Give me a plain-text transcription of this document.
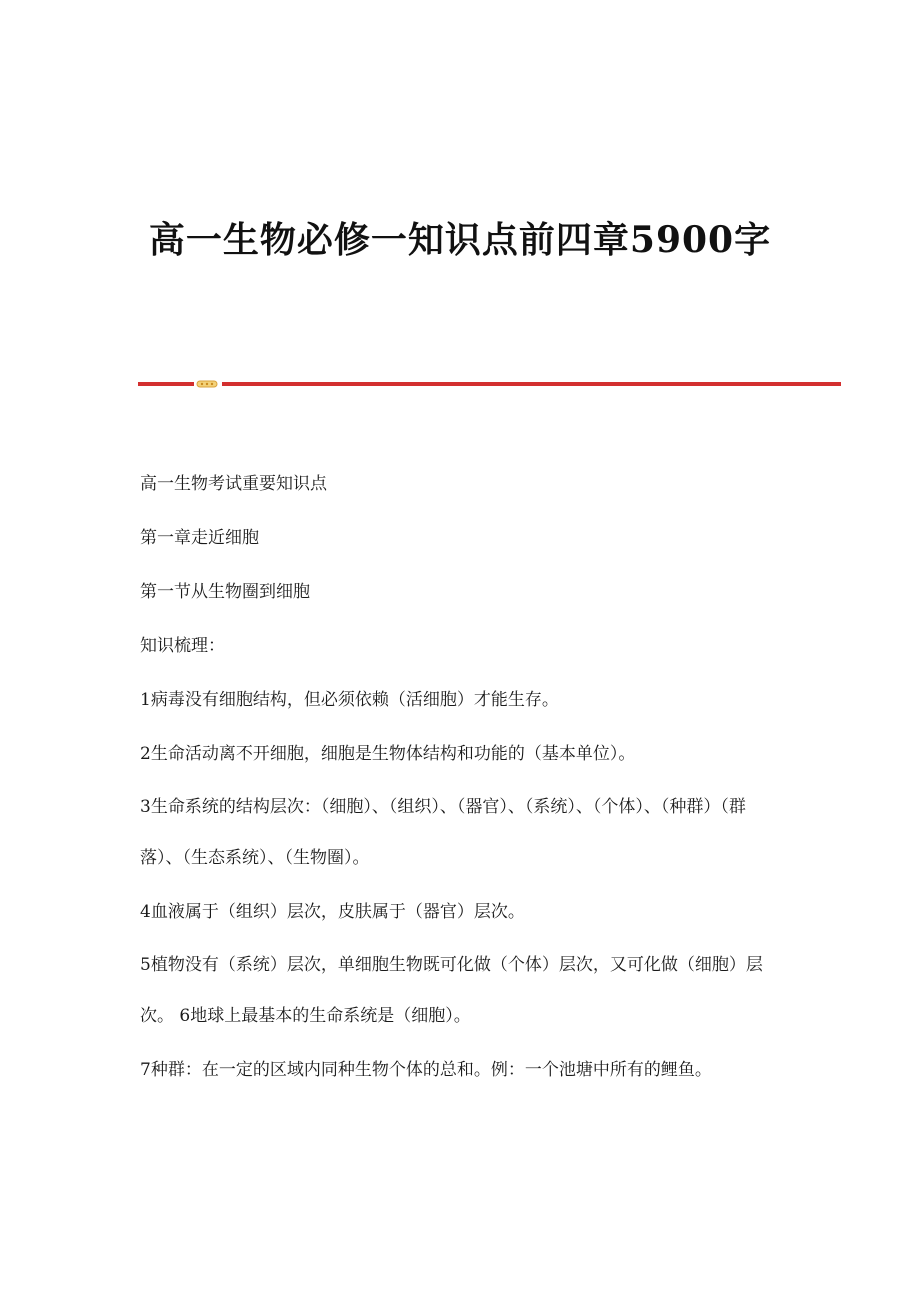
高一生物必修一知识点前四章5900字

高一生物考试重要知识点

第一章走近细胞

第一节从生物圈到细胞

知识梳理：

1病毒没有细胞结构，但必须依赖（活细胞）才能生存。

2生命活动离不开细胞，细胞是生物体结构和功能的（基本单位）。

3生命系统的结构层次：（细胞）、（组织）、（器官）、（系统）、（个体）、（种群）（群落）、（生态系统）、（生物圈）。

4血液属于（组织）层次，皮肤属于（器官）层次。

5植物没有（系统）层次，单细胞生物既可化做（个体）层次，又可化做（细胞）层次。 6地球上最基本的生命系统是（细胞）。

7种群：在一定的区域内同种生物个体的总和。例：一个池塘中所有的鲤鱼。
